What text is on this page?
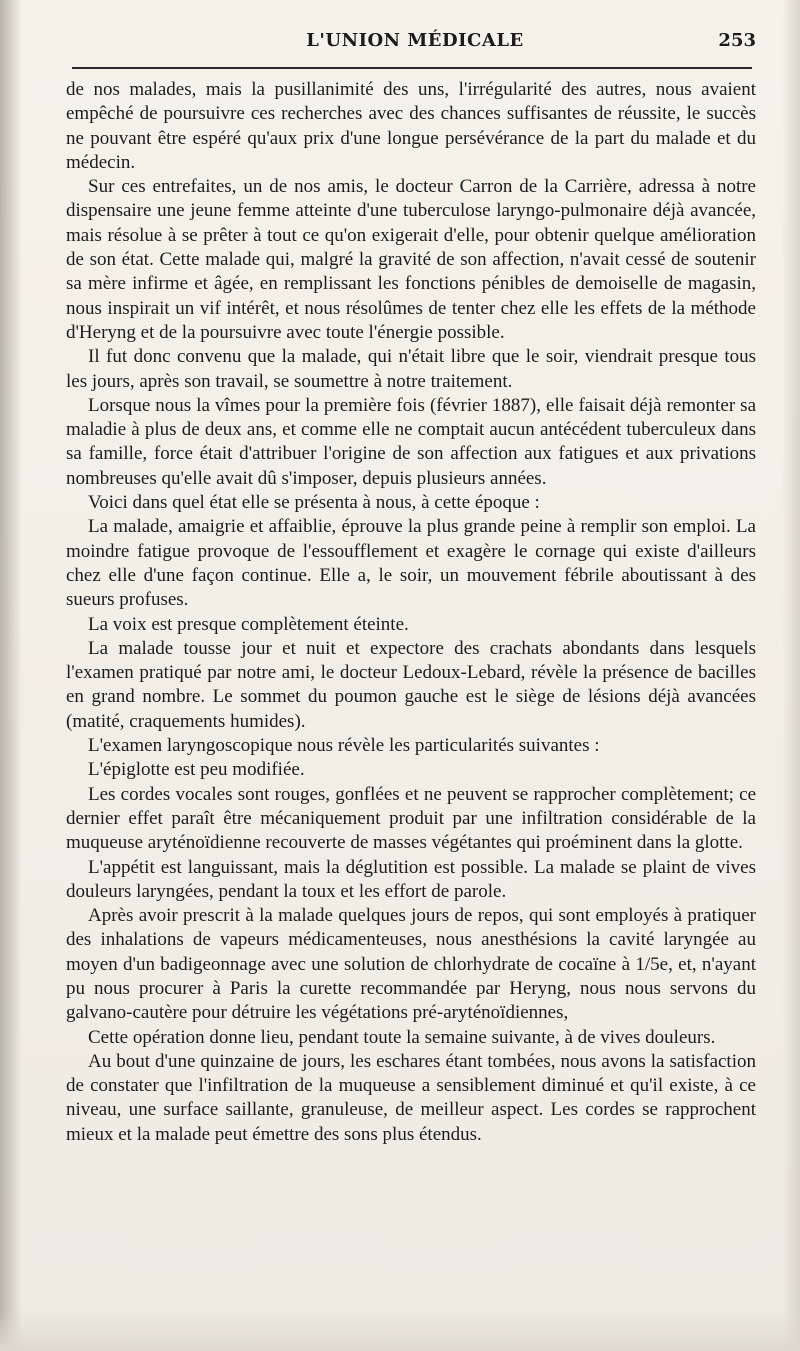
L'UNION MÉDICALE	253

de nos malades, mais la pusillanimité des uns, l'irrégularité des autres, nous avaient empêché de poursuivre ces recherches avec des chances suffisantes de réussite, le succès ne pouvant être espéré qu'aux prix d'une longue persévérance de la part du malade et du médecin.

Sur ces entrefaites, un de nos amis, le docteur Carron de la Carrière, adressa à notre dispensaire une jeune femme atteinte d'une tuberculose laryngo-pulmonaire déjà avancée, mais résolue à se prêter à tout ce qu'on exigerait d'elle, pour obtenir quelque amélioration de son état. Cette malade qui, malgré la gravité de son affection, n'avait cessé de soutenir sa mère infirme et âgée, en remplissant les fonctions pénibles de demoiselle de magasin, nous inspirait un vif intérêt, et nous résolûmes de tenter chez elle les effets de la méthode d'Heryng et de la poursuivre avec toute l'énergie possible.

Il fut donc convenu que la malade, qui n'était libre que le soir, viendrait presque tous les jours, après son travail, se soumettre à notre traitement.

Lorsque nous la vîmes pour la première fois (février 1887), elle faisait déjà remonter sa maladie à plus de deux ans, et comme elle ne comptait aucun antécédent tuberculeux dans sa famille, force était d'attribuer l'origine de son affection aux fatigues et aux privations nombreuses qu'elle avait dû s'imposer, depuis plusieurs années.

Voici dans quel état elle se présenta à nous, à cette époque :

La malade, amaigrie et affaiblie, éprouve la plus grande peine à remplir son emploi. La moindre fatigue provoque de l'essoufflement et exagère le cornage qui existe d'ailleurs chez elle d'une façon continue. Elle a, le soir, un mouvement fébrile aboutissant à des sueurs profuses.

La voix est presque complètement éteinte.

La malade tousse jour et nuit et expectore des crachats abondants dans lesquels l'examen pratiqué par notre ami, le docteur Ledoux-Lebard, révèle la présence de bacilles en grand nombre. Le sommet du poumon gauche est le siège de lésions déjà avancées (matité, craquements humides).

L'examen laryngoscopique nous révèle les particularités suivantes :

L'épiglotte est peu modifiée.

Les cordes vocales sont rouges, gonflées et ne peuvent se rapprocher complètement; ce dernier effet paraît être mécaniquement produit par une infiltration considérable de la muqueuse aryténoïdienne recouverte de masses végétantes qui proéminent dans la glotte.

L'appétit est languissant, mais la déglutition est possible. La malade se plaint de vives douleurs laryngées, pendant la toux et les effort de parole.

Après avoir prescrit à la malade quelques jours de repos, qui sont employés à pratiquer des inhalations de vapeurs médicamenteuses, nous anesthésions la cavité laryngée au moyen d'un badigeonnage avec une solution de chlorhydrate de cocaïne à 1/5e, et, n'ayant pu nous procurer à Paris la curette recommandée par Heryng, nous nous servons du galvano-cautère pour détruire les végétations pré-aryténoïdiennes,

Cette opération donne lieu, pendant toute la semaine suivante, à de vives douleurs.

Au bout d'une quinzaine de jours, les eschares étant tombées, nous avons la satisfaction de constater que l'infiltration de la muqueuse a sensiblement diminué et qu'il existe, à ce niveau, une surface saillante, granuleuse, de meilleur aspect. Les cordes se rapprochent mieux et la malade peut émettre des sons plus étendus.
